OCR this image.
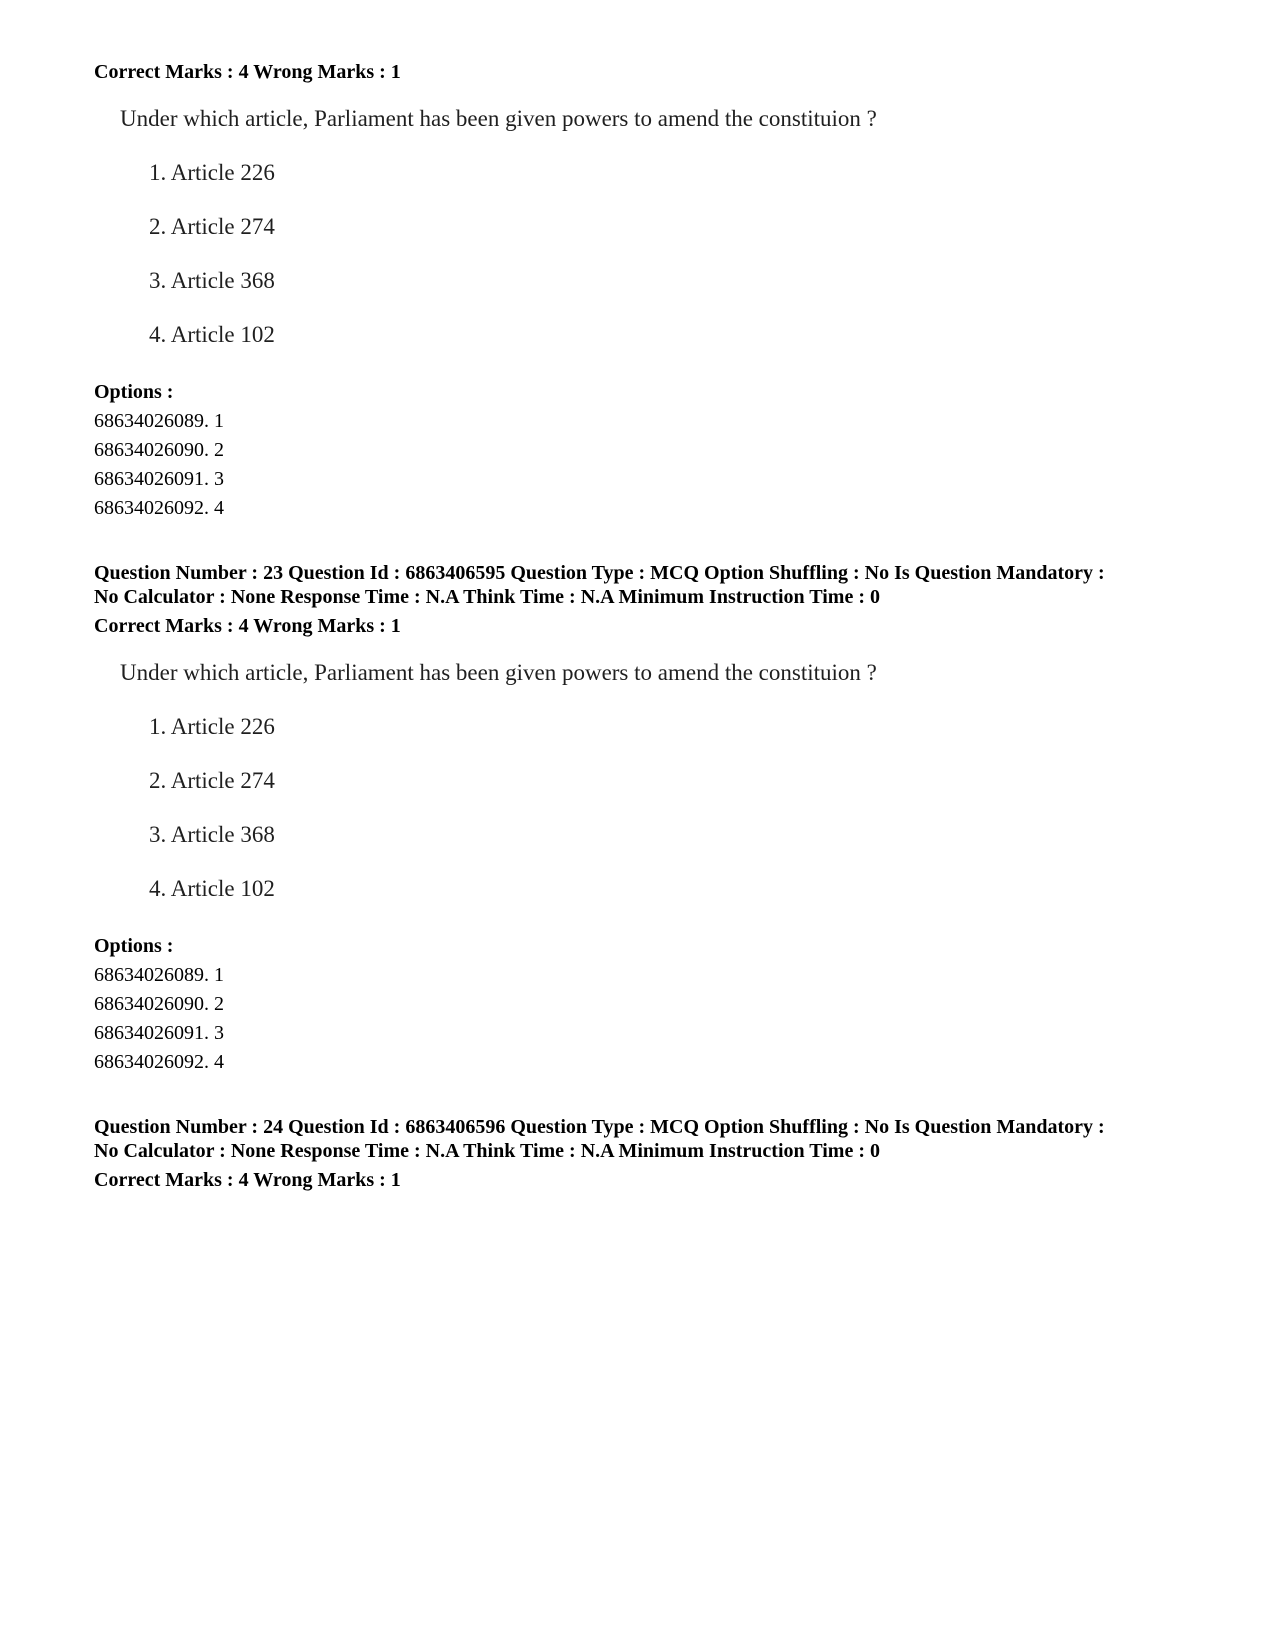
Correct Marks : 4 Wrong Marks : 1
Under which article, Parliament has been given powers to amend the constituion ?
1. Article 226
2. Article 274
3. Article 368
4. Article 102
Options :
68634026089. 1
68634026090. 2
68634026091. 3
68634026092. 4
Question Number : 23 Question Id : 6863406595 Question Type : MCQ Option Shuffling : No Is Question Mandatory :
No Calculator : None Response Time : N.A Think Time : N.A Minimum Instruction Time : 0
Correct Marks : 4 Wrong Marks : 1
Under which article, Parliament has been given powers to amend the constituion ?
1. Article 226
2. Article 274
3. Article 368
4. Article 102
Options :
68634026089. 1
68634026090. 2
68634026091. 3
68634026092. 4
Question Number : 24 Question Id : 6863406596 Question Type : MCQ Option Shuffling : No Is Question Mandatory :
No Calculator : None Response Time : N.A Think Time : N.A Minimum Instruction Time : 0
Correct Marks : 4 Wrong Marks : 1
